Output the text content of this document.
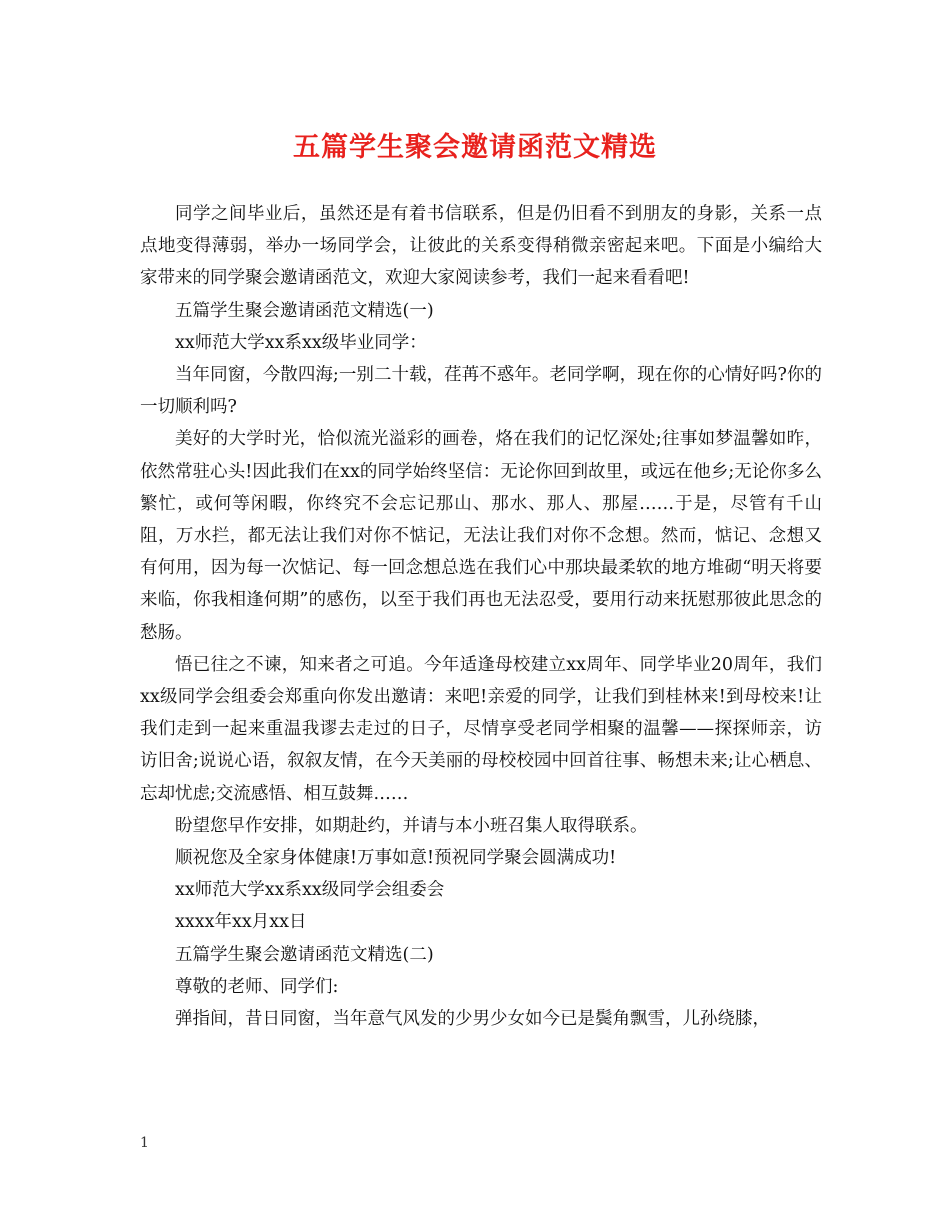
五篇学生聚会邀请函范文精选

同学之间毕业后，虽然还是有着书信联系，但是仍旧看不到朋友的身影，关系一点点地变得薄弱，举办一场同学会，让彼此的关系变得稍微亲密起来吧。下面是小编给大家带来的同学聚会邀请函范文，欢迎大家阅读参考，我们一起来看看吧!

五篇学生聚会邀请函范文精选(一)

xx师范大学xx系xx级毕业同学：

当年同窗，今散四海;一别二十载，荏苒不惑年。老同学啊，现在你的心情好吗?你的一切顺利吗?

美好的大学时光，恰似流光溢彩的画卷，烙在我们的记忆深处;往事如梦温馨如昨，依然常驻心头!因此我们在xx的同学始终坚信：无论你回到故里，或远在他乡;无论你多么繁忙，或何等闲暇，你终究不会忘记那山、那水、那人、那屋……于是，尽管有千山阻，万水拦，都无法让我们对你不惦记，无法让我们对你不念想。然而，惦记、念想又有何用，因为每一次惦记、每一回念想总选在我们心中那块最柔软的地方堆砌“明天将要来临，你我相逢何期”的感伤，以至于我们再也无法忍受，要用行动来抚慰那彼此思念的愁肠。

悟已往之不谏，知来者之可追。今年适逢母校建立xx周年、同学毕业20周年，我们xx级同学会组委会郑重向你发出邀请：来吧!亲爱的同学，让我们到桂林来!到母校来!让我们走到一起来重温我谬去走过的日子，尽情享受老同学相聚的温馨——探探师亲，访访旧舍;说说心语，叙叙友情，在今天美丽的母校校园中回首往事、畅想未来;让心栖息、忘却忧虑;交流感悟、相互鼓舞……

盼望您早作安排，如期赴约，并请与本小班召集人取得联系。

顺祝您及全家身体健康!万事如意!预祝同学聚会圆满成功!

xx师范大学xx系xx级同学会组委会

xxxx年xx月xx日

五篇学生聚会邀请函范文精选(二)

尊敬的老师、同学们:

弹指间，昔日同窗，当年意气风发的少男少女如今已是鬓角飘雪，儿孙绕膝，

1
